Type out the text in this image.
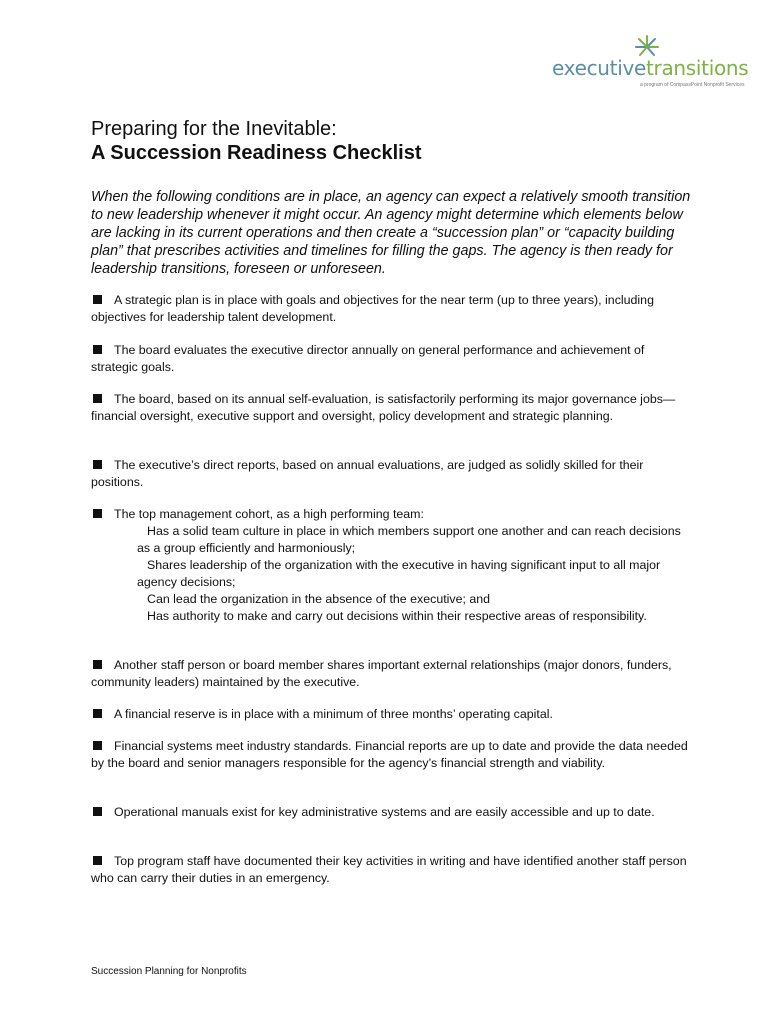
executivetransitions
a program of CompassPoint Nonprofit Services
Preparing for the Inevitable:
A Succession Readiness Checklist
When the following conditions are in place, an agency can expect a relatively smooth transition to new leadership whenever it might occur. An agency might determine which elements below are lacking in its current operations and then create a “succession plan” or “capacity building plan” that prescribes activities and timelines for filling the gaps. The agency is then ready for leadership transitions, foreseen or unforeseen.
A strategic plan is in place with goals and objectives for the near term (up to three years), including objectives for leadership talent development.
The board evaluates the executive director annually on general performance and achievement of strategic goals.
The board, based on its annual self-evaluation, is satisfactorily performing its major governance jobs—financial oversight, executive support and oversight, policy development and strategic planning.
The executive’s direct reports, based on annual evaluations, are judged as solidly skilled for their positions.
The top management cohort, as a high performing team:
Has a solid team culture in place in which members support one another and can reach decisions as a group efficiently and harmoniously;
Shares leadership of the organization with the executive in having significant input to all major agency decisions;
Can lead the organization in the absence of the executive; and
Has authority to make and carry out decisions within their respective areas of responsibility.
Another staff person or board member shares important external relationships (major donors, funders, community leaders) maintained by the executive.
A financial reserve is in place with a minimum of three months’ operating capital.
Financial systems meet industry standards. Financial reports are up to date and provide the data needed by the board and senior managers responsible for the agency’s financial strength and viability.
Operational manuals exist for key administrative systems and are easily accessible and up to date.
Top program staff have documented their key activities in writing and have identified another staff person who can carry their duties in an emergency.
Succession Planning for Nonprofits
